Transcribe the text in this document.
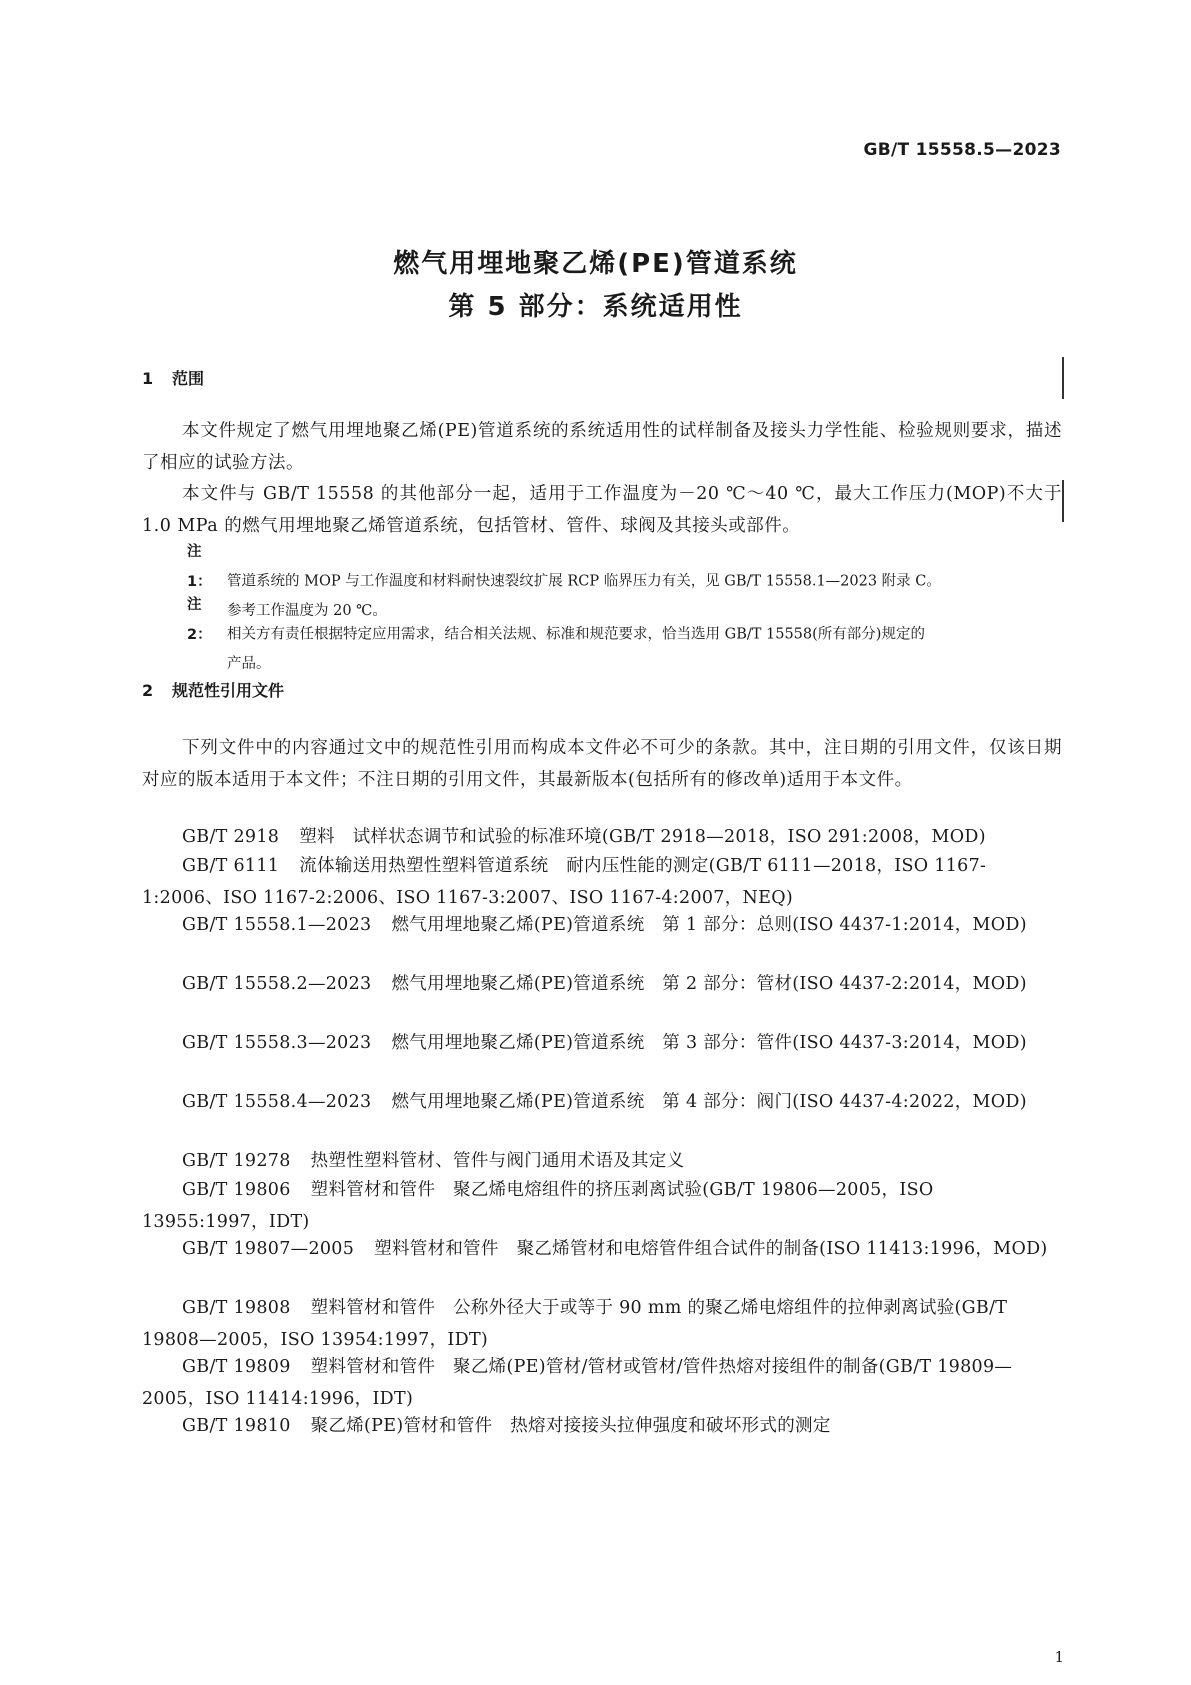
GB/T 15558.5—2023
燃气用埋地聚乙烯(PE)管道系统
第 5 部分：系统适用性
1 范围
本文件规定了燃气用埋地聚乙烯(PE)管道系统的系统适用性的试样制备及接头力学性能、检验规则要求，描述了相应的试验方法。
本文件与 GB/T 15558 的其他部分一起，适用于工作温度为－20 ℃～40 ℃，最大工作压力(MOP)不大于 1.0 MPa 的燃气用埋地聚乙烯管道系统，包括管材、管件、球阀及其接头或部件。
注 1： 管道系统的 MOP 与工作温度和材料耐快速裂纹扩展 RCP 临界压力有关，见 GB/T 15558.1—2023 附录 C。
参考工作温度为 20 ℃。
注 2： 相关方有责任根据特定应用需求，结合相关法规、标准和规范要求，恰当选用 GB/T 15558(所有部分)规定的
产品。
2 规范性引用文件
下列文件中的内容通过文中的规范性引用而构成本文件必不可少的条款。其中，注日期的引用文件，仅该日期对应的版本适用于本文件；不注日期的引用文件，其最新版本(包括所有的修改单)适用于本文件。
GB/T 2918 塑料　试样状态调节和试验的标准环境(GB/T 2918—2018，ISO 291:2008，MOD)
GB/T 6111 流体输送用热塑性塑料管道系统　耐内压性能的测定(GB/T 6111—2018，ISO 1167-1:2006、ISO 1167-2:2006、ISO 1167-3:2007、ISO 1167-4:2007，NEQ)
GB/T 15558.1—2023 燃气用埋地聚乙烯(PE)管道系统　第 1 部分：总则(ISO 4437-1:2014，MOD)
GB/T 15558.2—2023 燃气用埋地聚乙烯(PE)管道系统　第 2 部分：管材(ISO 4437-2:2014，MOD)
GB/T 15558.3—2023 燃气用埋地聚乙烯(PE)管道系统　第 3 部分：管件(ISO 4437-3:2014，MOD)
GB/T 15558.4—2023 燃气用埋地聚乙烯(PE)管道系统　第 4 部分：阀门(ISO 4437-4:2022，MOD)
GB/T 19278 热塑性塑料管材、管件与阀门通用术语及其定义
GB/T 19806 塑料管材和管件　聚乙烯电熔组件的挤压剥离试验(GB/T 19806—2005，ISO 13955:1997，IDT)
GB/T 19807—2005 塑料管材和管件　聚乙烯管材和电熔管件组合试件的制备(ISO 11413:1996，MOD)
GB/T 19808 塑料管材和管件　公称外径大于或等于 90 mm 的聚乙烯电熔组件的拉伸剥离试验(GB/T 19808—2005，ISO 13954:1997，IDT)
GB/T 19809 塑料管材和管件　聚乙烯(PE)管材/管材或管材/管件热熔对接组件的制备(GB/T 19809—2005，ISO 11414:1996，IDT)
GB/T 19810 聚乙烯(PE)管材和管件　热熔对接接头拉伸强度和破坏形式的测定
1
